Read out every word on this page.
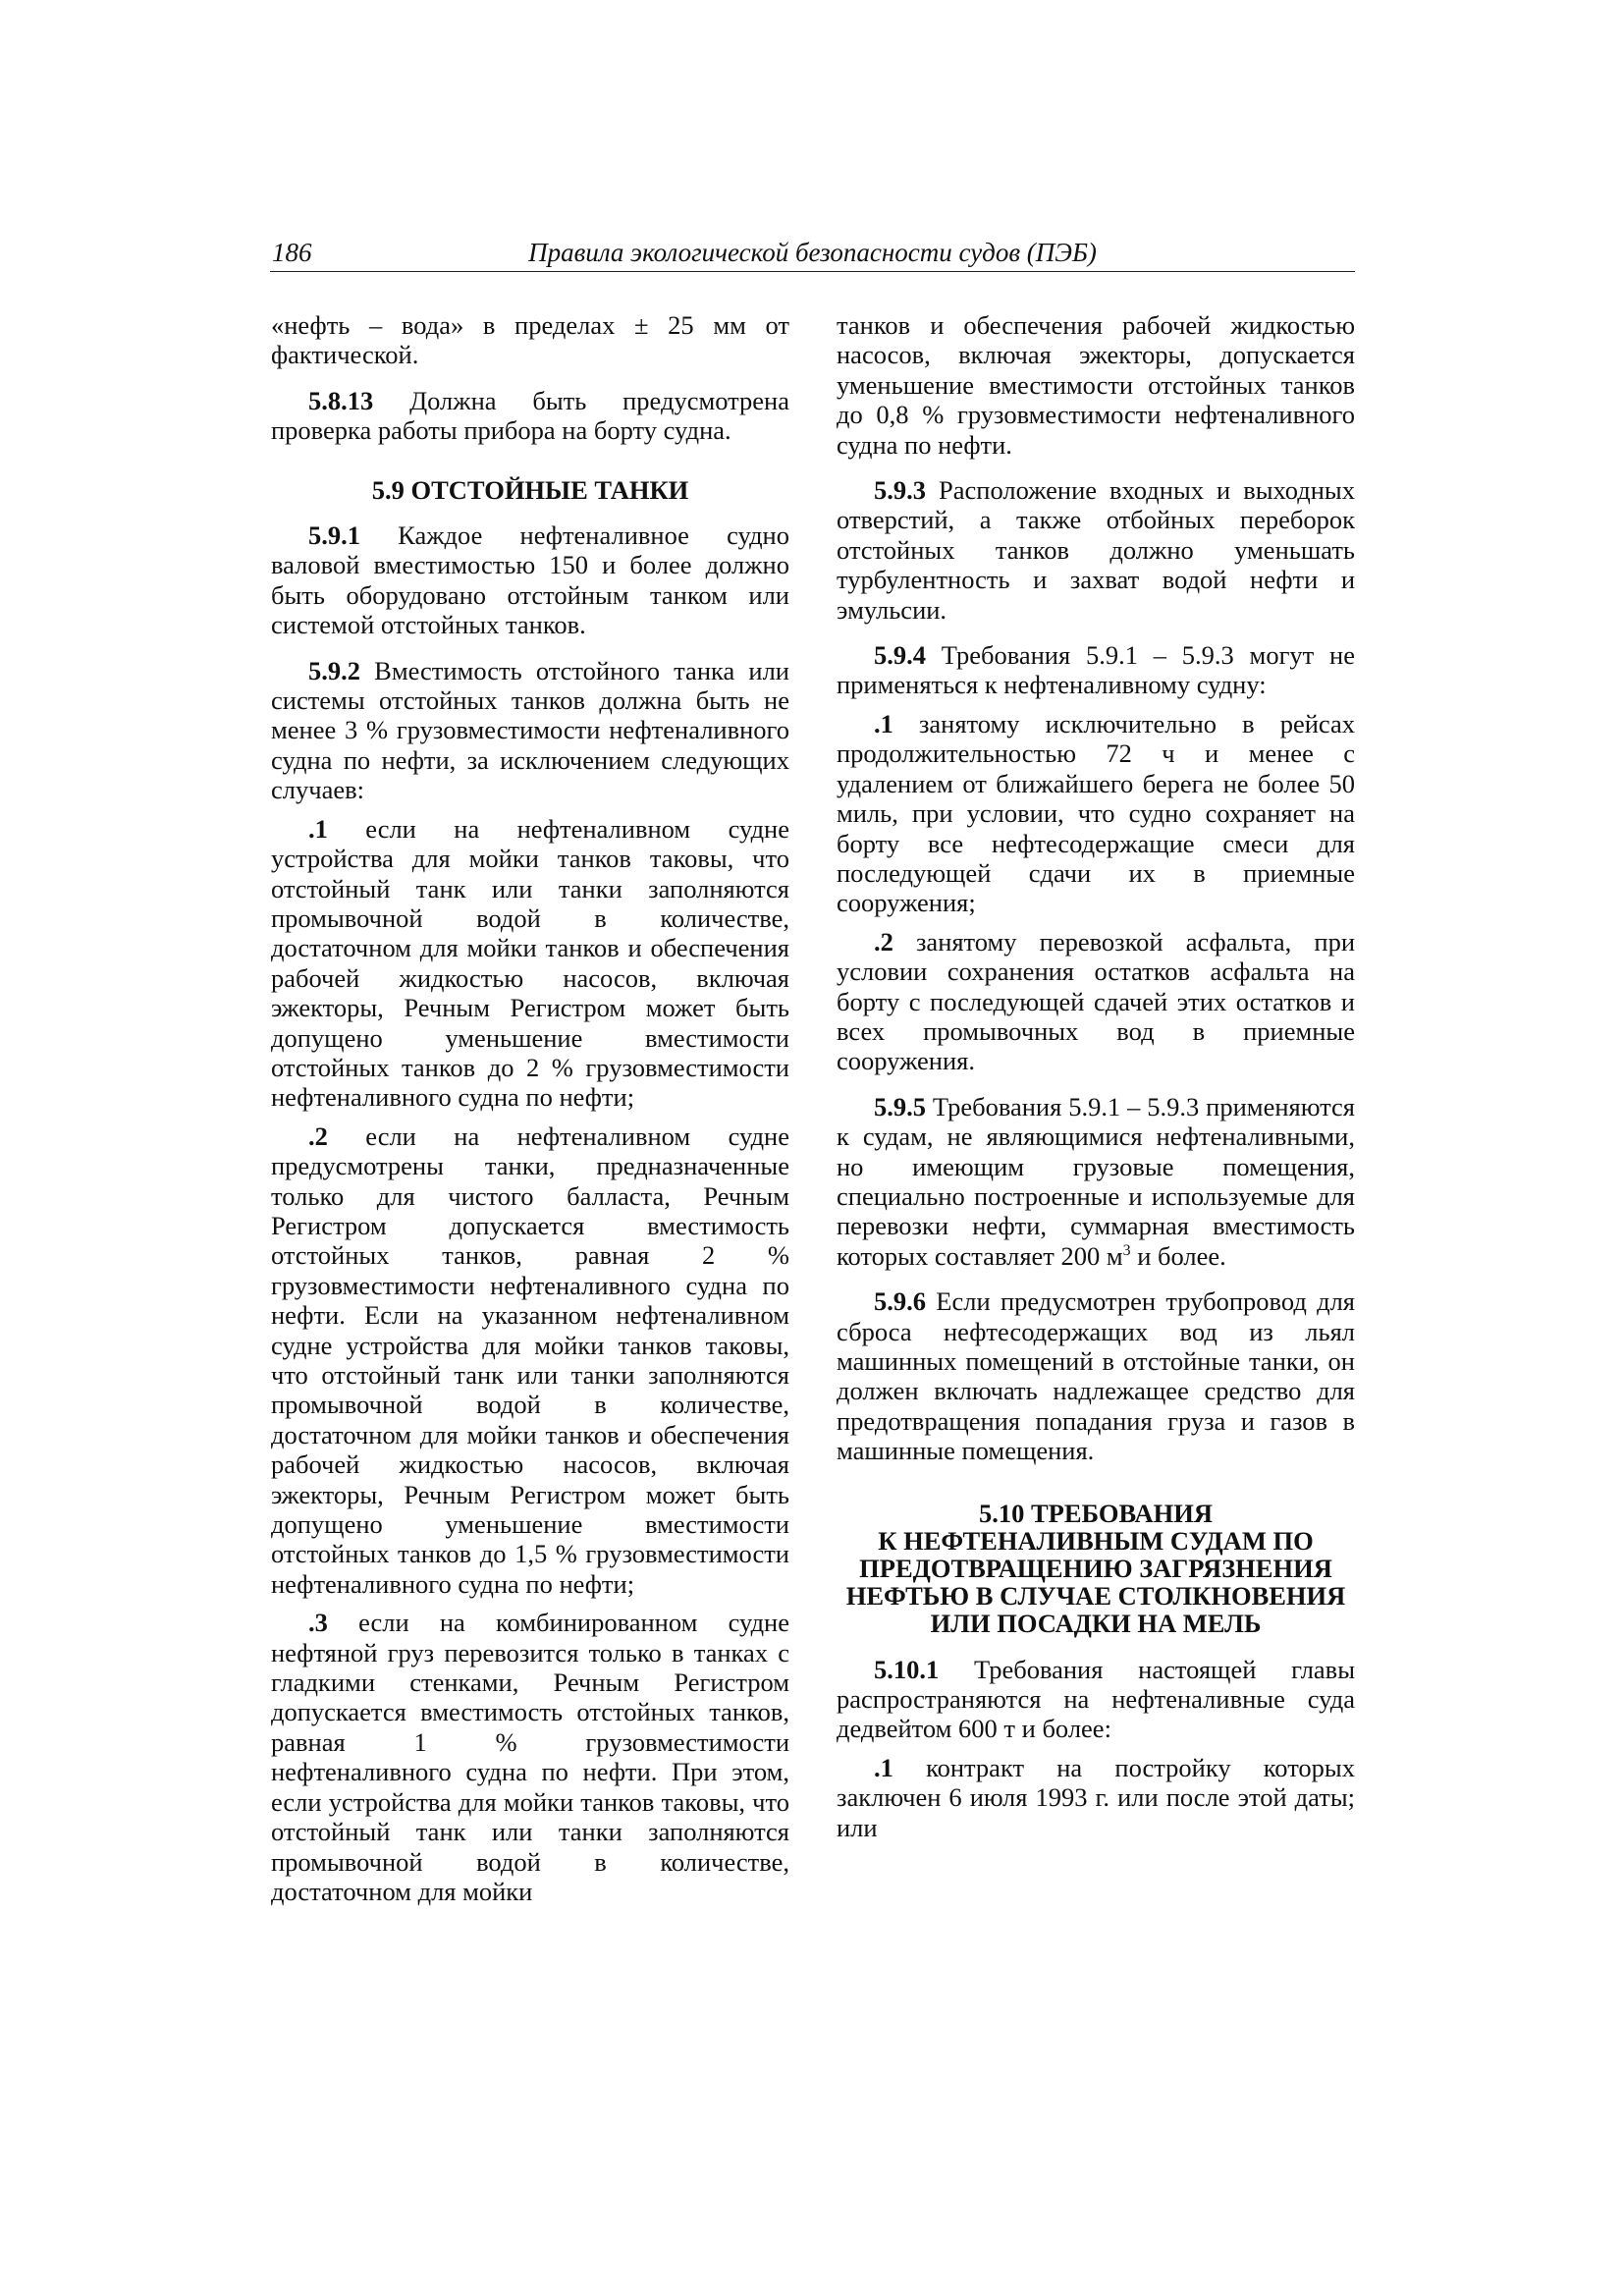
186	Правила экологической безопасности судов (ПЭБ)

«нефть – вода» в пределах ± 25 мм от фактической.

5.8.13 Должна быть предусмотрена проверка работы прибора на борту судна.

5.9 ОТСТОЙНЫЕ ТАНКИ

5.9.1 Каждое нефтеналивное судно валовой вместимостью 150 и более должно быть оборудовано отстойным танком или системой отстойных танков.

5.9.2 Вместимость отстойного танка или системы отстойных танков должна быть не менее 3 % грузовместимости нефтеналивного судна по нефти, за исключением следующих случаев:

.1 если на нефтеналивном судне устройства для мойки танков таковы, что отстойный танк или танки заполняются промывочной водой в количестве, достаточном для мойки танков и обеспечения рабочей жидкостью насосов, включая эжекторы, Речным Регистром может быть допущено уменьшение вместимости отстойных танков до 2 % грузовместимости нефтеналивного судна по нефти;

.2 если на нефтеналивном судне предусмотрены танки, предназначенные только для чистого балласта, Речным Регистром допускается вместимость отстойных танков, равная 2 % грузовместимости нефтеналивного судна по нефти. Если на указанном нефтеналивном судне устройства для мойки танков таковы, что отстойный танк или танки заполняются промывочной водой в количестве, достаточном для мойки танков и обеспечения рабочей жидкостью насосов, включая эжекторы, Речным Регистром может быть допущено уменьшение вместимости отстойных танков до 1,5 % грузовместимости нефтеналивного судна по нефти;

.3 если на комбинированном судне нефтяной груз перевозится только в танках с гладкими стенками, Речным Регистром допускается вместимость отстойных танков, равная 1 % грузовместимости нефтеналивного судна по нефти. При этом, если устройства для мойки танков таковы, что отстойный танк или танки заполняются промывочной водой в количестве, достаточном для мойки

танков и обеспечения рабочей жидкостью насосов, включая эжекторы, допускается уменьшение вместимости отстойных танков до 0,8 % грузовместимости нефтеналивного судна по нефти.

5.9.3 Расположение входных и выходных отверстий, а также отбойных переборок отстойных танков должно уменьшать турбулентность и захват водой нефти и эмульсии.

5.9.4 Требования 5.9.1 – 5.9.3 могут не применяться к нефтеналивному судну:

.1 занятому исключительно в рейсах продолжительностью 72 ч и менее с удалением от ближайшего берега не более 50 миль, при условии, что судно сохраняет на борту все нефтесодержащие смеси для последующей сдачи их в приемные сооружения;

.2 занятому перевозкой асфальта, при условии сохранения остатков асфальта на борту с последующей сдачей этих остатков и всех промывочных вод в приемные сооружения.

5.9.5 Требования 5.9.1 – 5.9.3 применяются к судам, не являющимися нефтеналивными, но имеющим грузовые помещения, специально построенные и используемые для перевозки нефти, суммарная вместимость которых составляет 200 $м^3$ и более.

5.9.6 Если предусмотрен трубопровод для сброса нефтесодержащих вод из льял машинных помещений в отстойные танки, он должен включать надлежащее средство для предотвращения попадания груза и газов в машинные помещения.

5.10 ТРЕБОВАНИЯ
К НЕФТЕНАЛИВНЫМ СУДАМ ПО
ПРЕДОТВРАЩЕНИЮ ЗАГРЯЗНЕНИЯ
НЕФТЬЮ В СЛУЧАЕ СТОЛКНОВЕНИЯ
ИЛИ ПОСАДКИ НА МЕЛЬ

5.10.1 Требования настоящей главы распространяются на нефтеналивные суда дедвейтом 600 т и более:

.1 контракт на постройку которых заключен 6 июля 1993 г. или после этой даты; или
